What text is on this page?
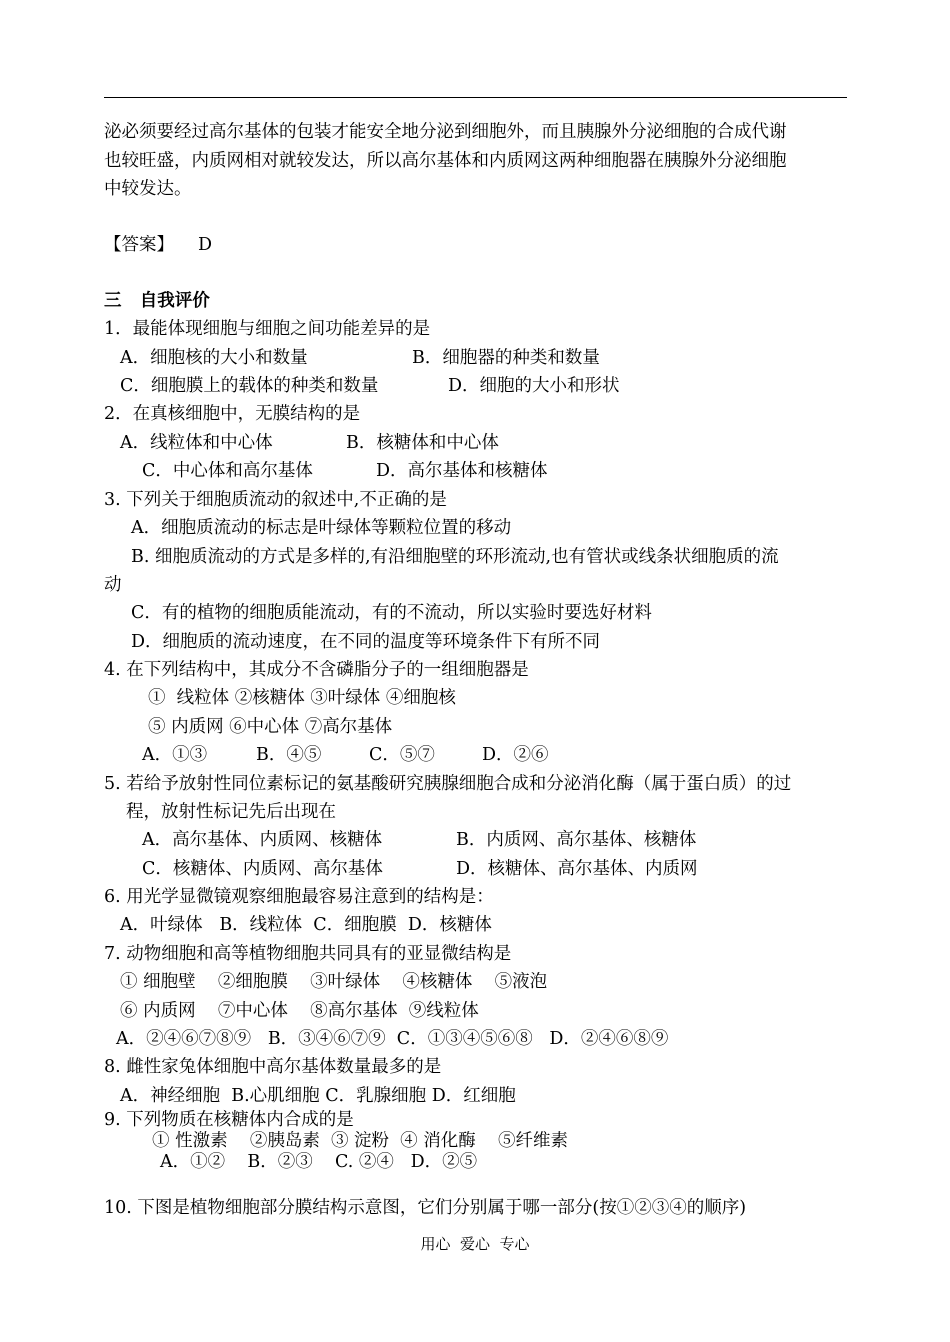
泌必须要经过高尔基体的包装才能安全地分泌到细胞外，而且胰腺外分泌细胞的合成代谢
也较旺盛，内质网相对就较发达，所以高尔基体和内质网这两种细胞器在胰腺外分泌细胞
中较发达。
【答案】 D
三   自我评价
1．最能体现细胞与细胞之间功能差异的是
A．细胞核的大小和数量	B．细胞器的种类和数量
C．细胞膜上的载体的种类和数量	D．细胞的大小和形状
2．在真核细胞中，无膜结构的是
A．线粒体和中心体	B．核糖体和中心体
C．中心体和高尔基体	D．高尔基体和核糖体
3. 下列关于细胞质流动的叙述中,不正确的是
A．细胞质流动的标志是叶绿体等颗粒位置的移动
B. 细胞质流动的方式是多样的,有沿细胞壁的环形流动,也有管状或线条状细胞质的流
动
C．有的植物的细胞质能流动，有的不流动，所以实验时要选好材料
D．细胞质的流动速度，在不同的温度等环境条件下有所不同
4. 在下列结构中，其成分不含磷脂分子的一组细胞器是
①  线粒体 ②核糖体 ③叶绿体 ④细胞核
⑤ 内质网 ⑥中心体 ⑦高尔基体
A．①③	B．④⑤	C．⑤⑦	D．②⑥
5. 若给予放射性同位素标记的氨基酸研究胰腺细胞合成和分泌消化酶（属于蛋白质）的过
程，放射性标记先后出现在
A．高尔基体、内质网、核糖体	B．内质网、高尔基体、核糖体
C．核糖体、内质网、高尔基体	D．核糖体、高尔基体、内质网
6. 用光学显微镜观察细胞最容易注意到的结构是：
A．叶绿体   B．线粒体  C．细胞膜  D．核糖体
7. 动物细胞和高等植物细胞共同具有的亚显微结构是
① 细胞壁    ②细胞膜    ③叶绿体    ④核糖体    ⑤液泡
⑥ 内质网    ⑦中心体    ⑧高尔基体  ⑨线粒体
A．②④⑥⑦⑧⑨   B．③④⑥⑦⑨  C．①③④⑤⑥⑧   D．②④⑥⑧⑨
8. 雌性家兔体细胞中高尔基体数量最多的是
A．神经细胞  B.心肌细胞 C．乳腺细胞 D．红细胞
9. 下列物质在核糖体内合成的是
① 性激素    ②胰岛素  ③ 淀粉  ④ 消化酶    ⑤纤维素
A．①②    B．②③    C. ②④   D．②⑤
10. 下图是植物细胞部分膜结构示意图，它们分别属于哪一部分(按①②③④的顺序)
用心  爱心  专心
